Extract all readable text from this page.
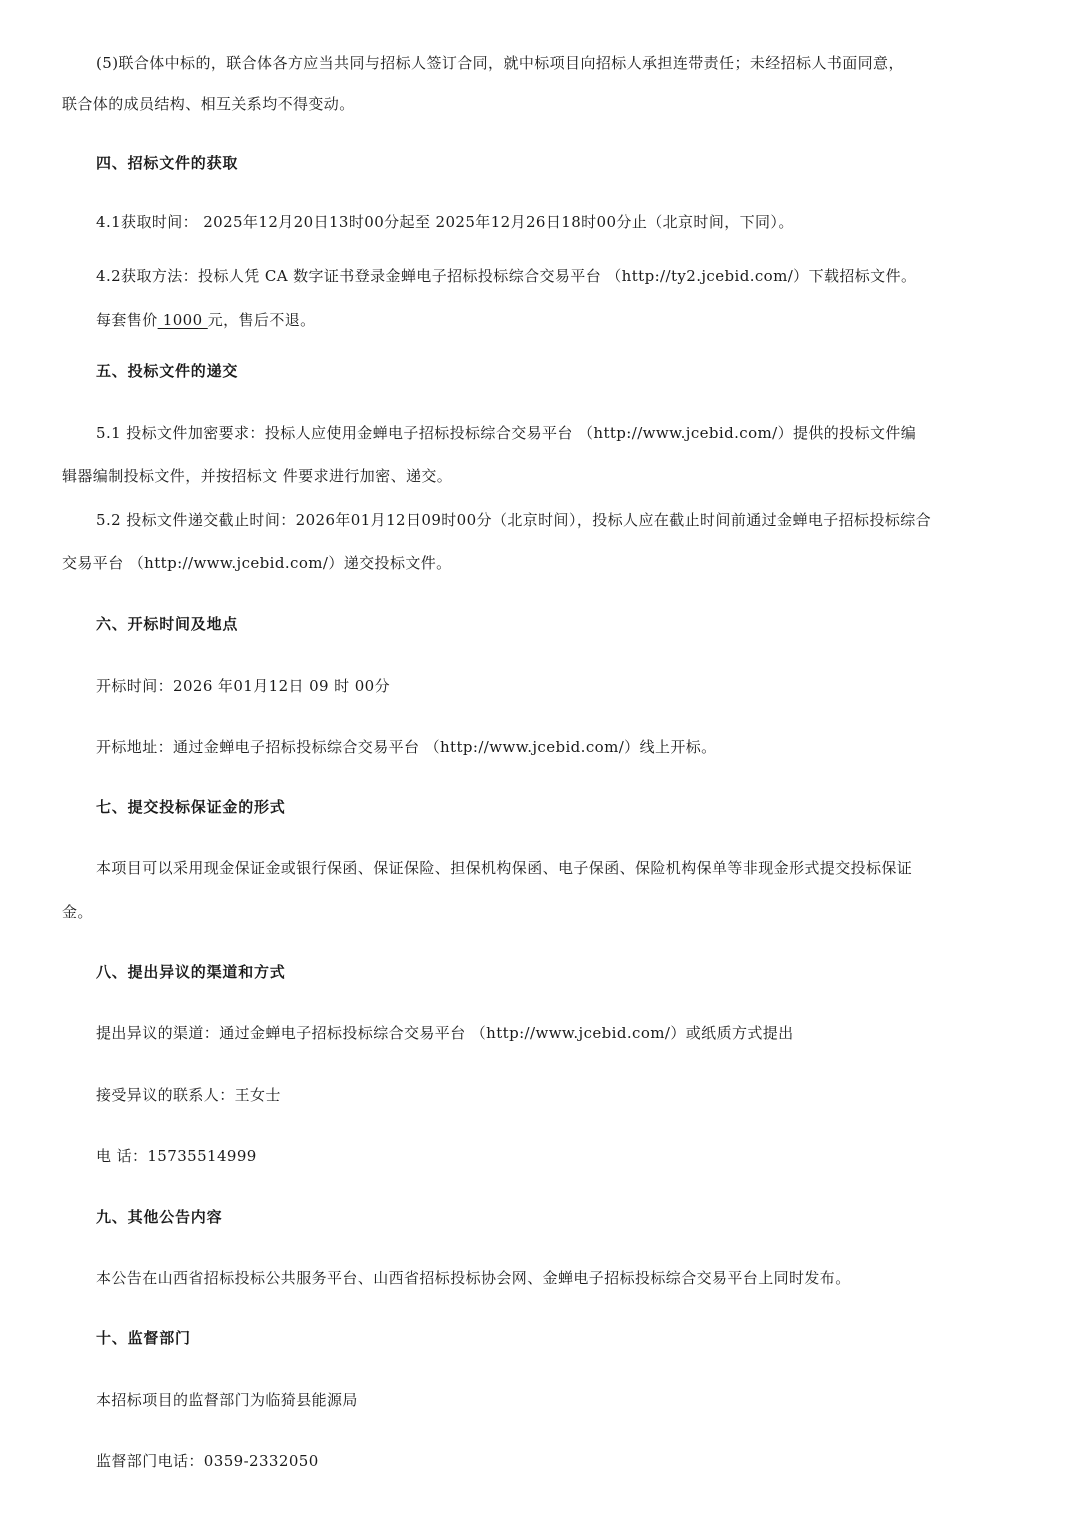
(5)联合体中标的，联合体各方应当共同与招标人签订合同，就中标项目向招标人承担连带责任；未经招标人书面同意，
联合体的成员结构、相互关系均不得变动。
四、招标文件的获取
4.1获取时间： 2025年12月20日13时00分起至 2025年12月26日18时00分止（北京时间，下同）。
4.2获取方法：投标人凭 CA 数字证书登录金蝉电子招标投标综合交易平台 （http://ty2.jcebid.com/）下载招标文件。
每套售价 1000 元，售后不退。
五、投标文件的递交
5.1 投标文件加密要求：投标人应使用金蝉电子招标投标综合交易平台 （http://www.jcebid.com/）提供的投标文件编
辑器编制投标文件，并按招标文 件要求进行加密、递交。
5.2 投标文件递交截止时间：2026年01月12日09时00分（北京时间），投标人应在截止时间前通过金蝉电子招标投标综合
交易平台 （http://www.jcebid.com/）递交投标文件。
六、开标时间及地点
开标时间：2026 年01月12日 09 时 00分
开标地址：通过金蝉电子招标投标综合交易平台 （http://www.jcebid.com/）线上开标。
七、提交投标保证金的形式
本项目可以采用现金保证金或银行保函、保证保险、担保机构保函、电子保函、保险机构保单等非现金形式提交投标保证
金。
八、提出异议的渠道和方式
提出异议的渠道：通过金蝉电子招标投标综合交易平台 （http://www.jcebid.com/）或纸质方式提出
接受异议的联系人：王女士
电 话：15735514999
九、其他公告内容
本公告在山西省招标投标公共服务平台、山西省招标投标协会网、金蝉电子招标投标综合交易平台上同时发布。
十、监督部门
本招标项目的监督部门为临猗县能源局
监督部门电话：0359-2332050
